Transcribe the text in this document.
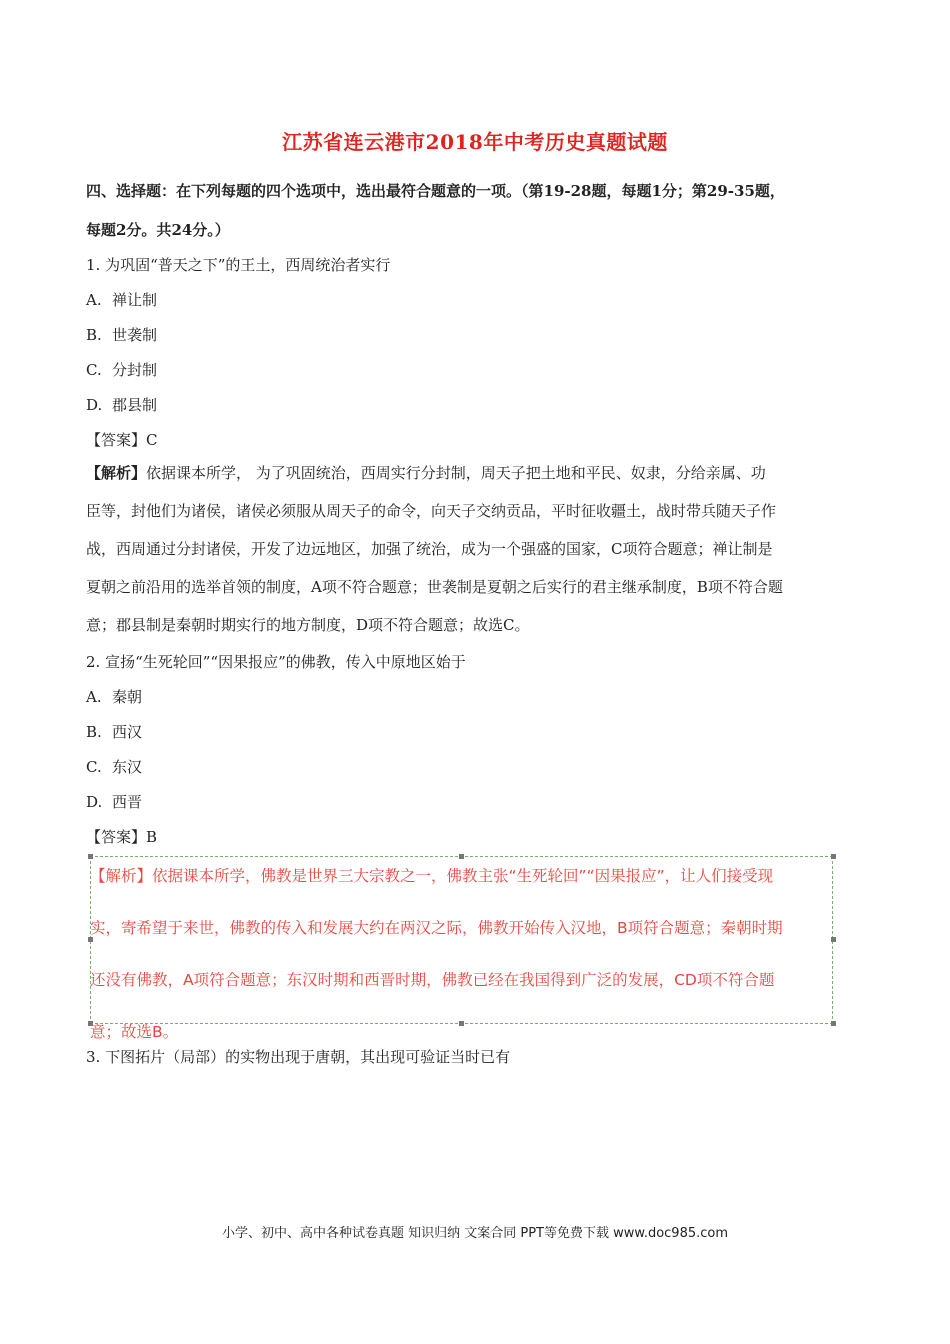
江苏省连云港市2018年中考历史真题试题
四、选择题：在下列每题的四个选项中，选出最符合题意的一项。（第19-28题，每题1分；第29-35题，
每题2分。共24分。）
1. 为巩固“普天之下”的王土，西周统治者实行
A. 禅让制
B. 世袭制
C. 分封制
D. 郡县制
【答案】C
【解析】依据课本所学， 为了巩固统治，西周实行分封制，周天子把土地和平民、奴隶，分给亲属、功
臣等，封他们为诸侯，诸侯必须服从周天子的命令，向天子交纳贡品，平时征收疆土，战时带兵随天子作
战，西周通过分封诸侯，开发了边远地区，加强了统治，成为一个强盛的国家，C项符合题意；禅让制是
夏朝之前沿用的选举首领的制度，A项不符合题意；世袭制是夏朝之后实行的君主继承制度，B项不符合题
意；郡县制是秦朝时期实行的地方制度，D项不符合题意；故选C。
2. 宣扬“生死轮回”“因果报应”的佛教，传入中原地区始于
A. 秦朝
B. 西汉
C. 东汉
D. 西晋
【答案】B
【解析】依据课本所学，佛教是世界三大宗教之一，佛教主张“生死轮回”“因果报应”，让人们接受现
实，寄希望于来世，佛教的传入和发展大约在两汉之际，佛教开始传入汉地，B项符合题意；秦朝时期
还没有佛教，A项符合题意；东汉时期和西晋时期，佛教已经在我国得到广泛的发展，CD项不符合题
意；故选B。
3. 下图拓片（局部）的实物出现于唐朝，其出现可验证当时已有
小学、初中、高中各种试卷真题 知识归纳 文案合同 PPT等免费下载 www.doc985.com
